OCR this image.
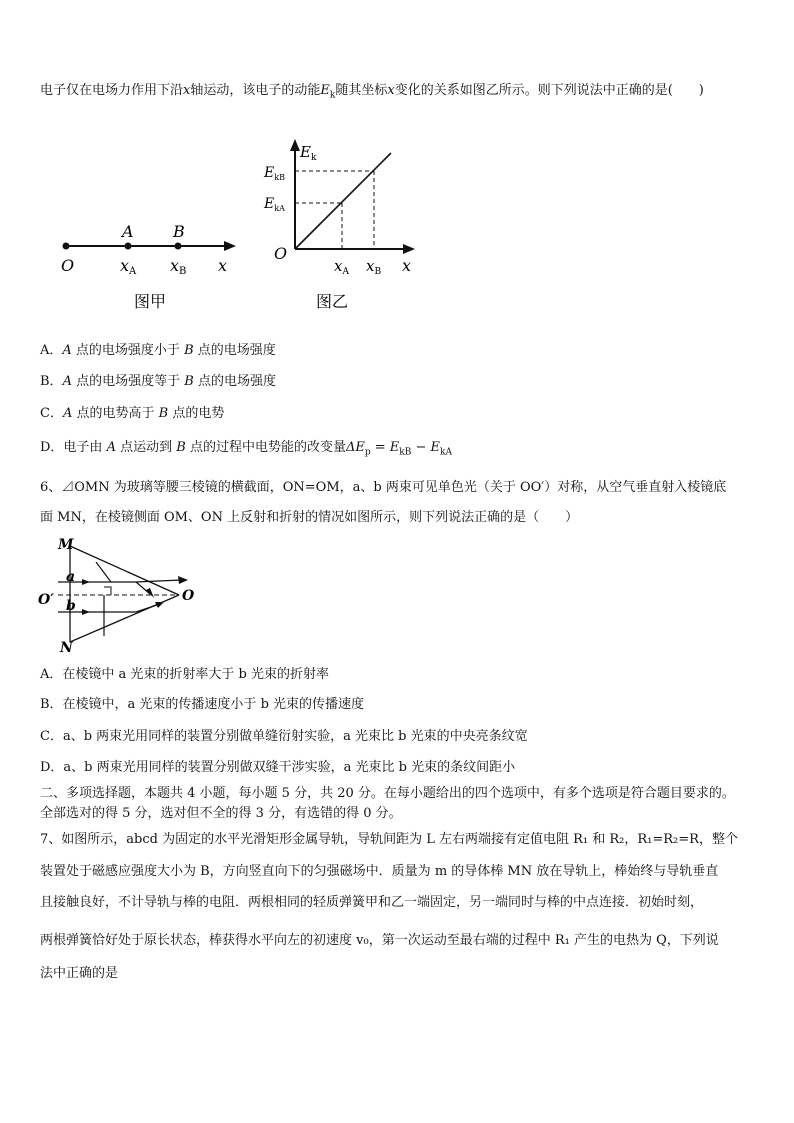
电子仅在电场力作用下沿x轴运动，该电子的动能$E_k$随其坐标x变化的关系如图乙所示。则下列说法中正确的是(　　)
A B
O	xA xB x
图甲
$E_k$
$E_{kB}$
$E_{kA}$
O
$x_A$ $x_B$ x
图乙
A．A 点的电场强度小于 B 点的电场强度
B．A 点的电场强度等于 B 点的电场强度
C．A 点的电势高于 B 点的电势
D．电子由 A 点运动到 B 点的过程中电势能的改变量$\Delta E_p = E_{kB} - E_{kA}$
6、⊿OMN 为玻璃等腰三棱镜的横截面，ON=OM，a、b 两束可见单色光（关于 OO′）对称，从空气垂直射入棱镜底
面 MN，在棱镜侧面 OM、ON 上反射和折射的情况如图所示，则下列说法正确的是（　　）
M
N
O
O′
a
b
A．在棱镜中 a 光束的折射率大于 b 光束的折射率
B．在棱镜中，a 光束的传播速度小于 b 光束的传播速度
C．a、b 两束光用同样的装置分别做单缝衍射实验，a 光束比 b 光束的中央亮条纹宽
D．a、b 两束光用同样的装置分别做双缝干涉实验，a 光束比 b 光束的条纹间距小
二、多项选择题，本题共 4 小题，每小题 5 分，共 20 分。在每小题给出的四个选项中，有多个选项是符合题目要求的。
全部选对的得 5 分，选对但不全的得 3 分，有选错的得 0 分。
7、如图所示，abcd 为固定的水平光滑矩形金属导轨，导轨间距为 L 左右两端接有定值电阻 R₁ 和 R₂，R₁=R₂=R，整个
装置处于磁感应强度大小为 B，方向竖直向下的匀强磁场中．质量为 m 的导体棒 MN 放在导轨上，棒始终与导轨垂直
且接触良好，不计导轨与棒的电阻．两根相同的轻质弹簧甲和乙一端固定，另一端同时与棒的中点连接．初始时刻，
两根弹簧恰好处于原长状态，棒获得水平向左的初速度 v₀，第一次运动至最右端的过程中 R₁ 产生的电热为 Q，下列说
法中正确的是
